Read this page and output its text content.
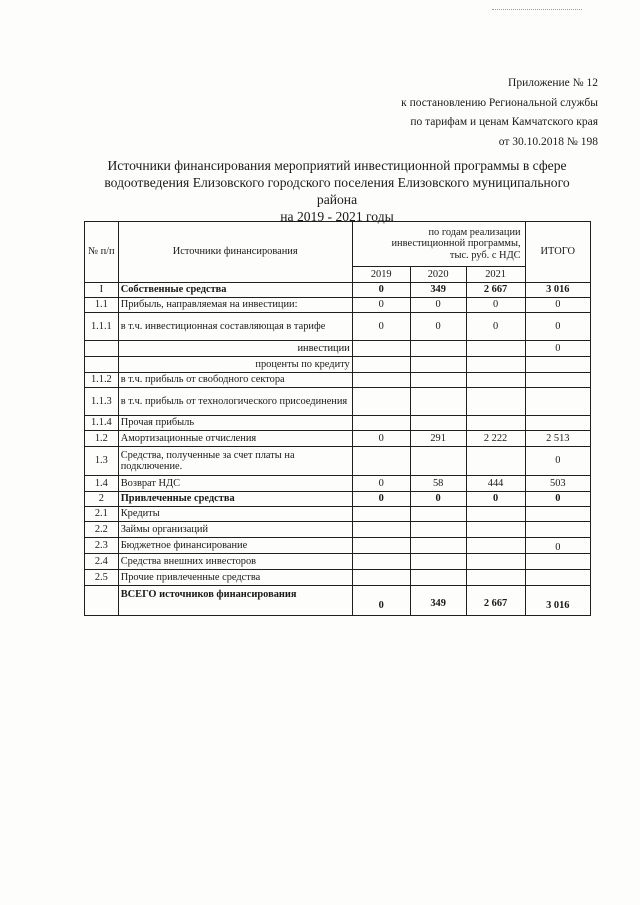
Приложение № 12
к постановлению Региональной службы
по тарифам и ценам Камчатского края
от 30.10.2018 № 198
Источники финансирования мероприятий инвестиционной программы в сфере
водоотведения Елизовского городского поселения Елизовского муниципального района
на 2019 - 2021 годы
№ п/п	Источники финансирования	по годам реализации инвестиционной программы,
тыс. руб. с НДС			ИТОГО
		2019	2020	2021	
I	Собственные средства	0	349	2 667	3 016
1.1	Прибыль, направляемая на инвестиции:	0	0	0	0
1.1.1	в т.ч. инвестиционная составляющая в тарифе	0	0	0	0
	инвестиции				0
	проценты по кредиту				
1.1.2	в т.ч. прибыль от свободного сектора				
1.1.3	в т.ч. прибыль от технологического присоединения				
1.1.4	Прочая прибыль				
1.2	Амортизационные отчисления	0	291	2 222	2 513
1.3	Средства, полученные за счет платы на подключение.				0
1.4	Возврат НДС	0	58	444	503
2	Привлеченные средства	0	0	0	0
2.1	Кредиты				
2.2	Займы организаций				
2.3	Бюджетное финансирование				0
2.4	Средства внешних инвесторов				
2.5	Прочие привлеченные средства				
	ВСЕГО источников финансирования	0	349	2 667	3 016
